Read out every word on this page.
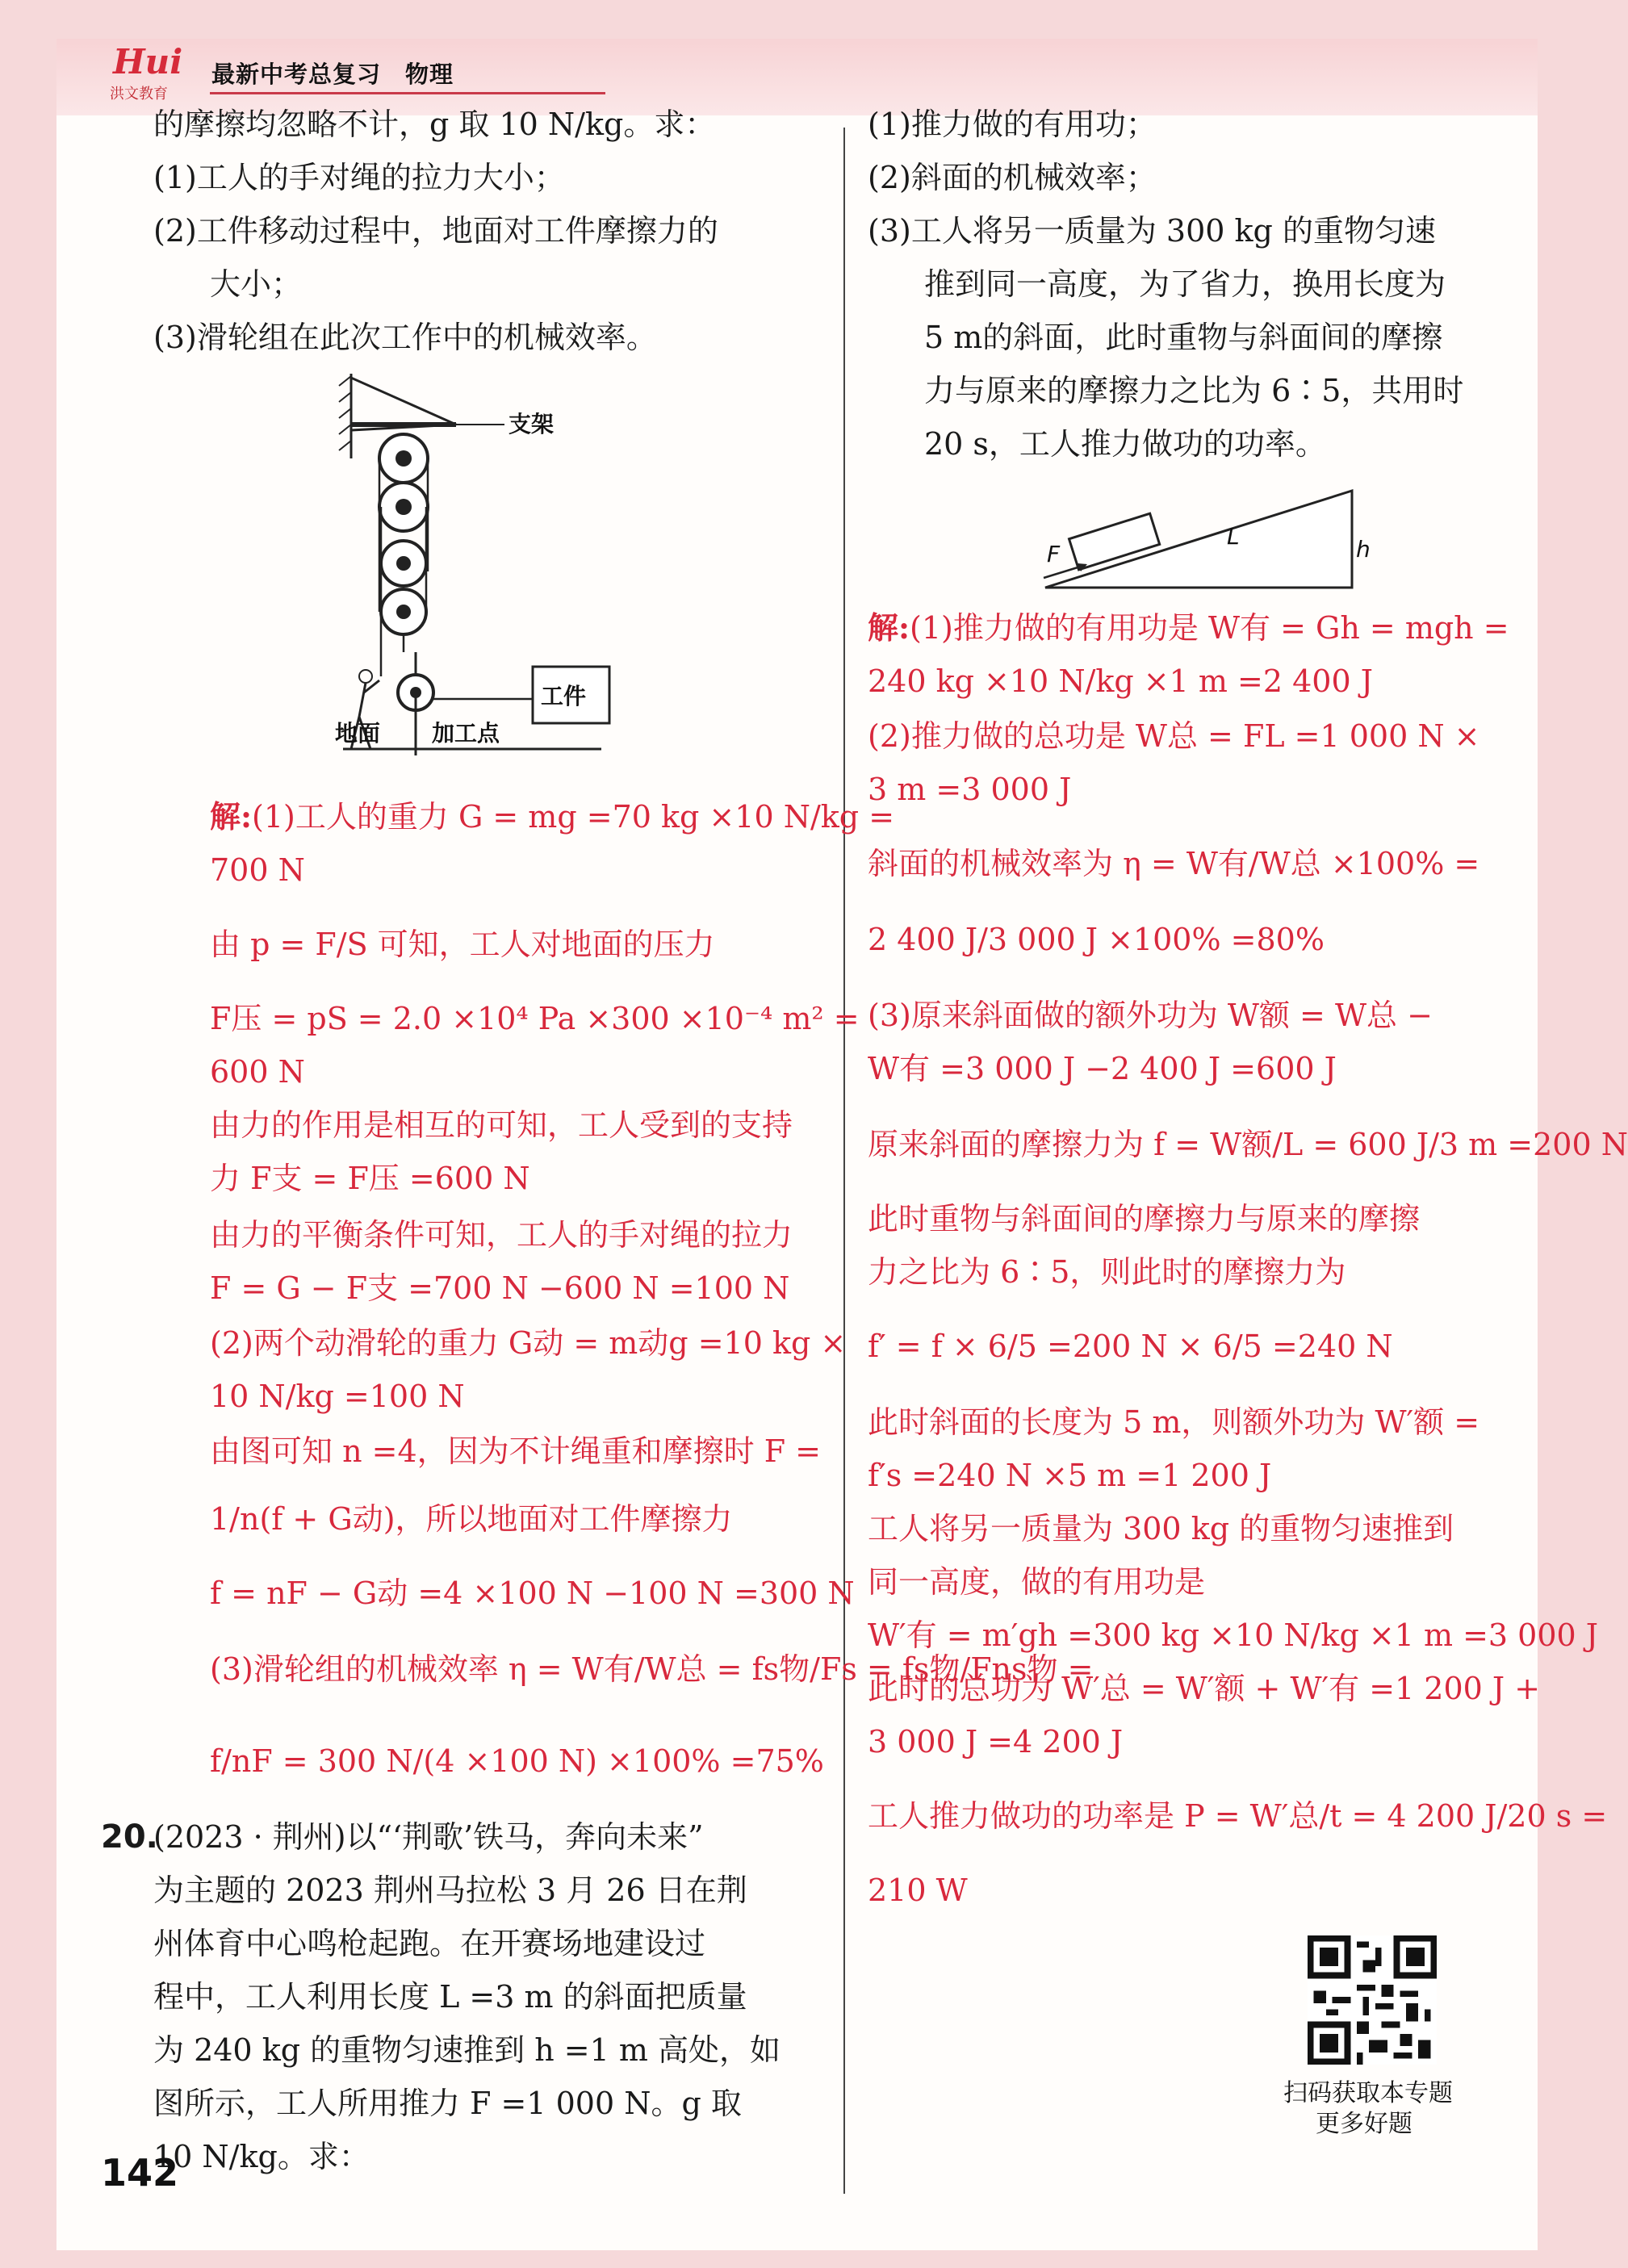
Hui
洪文教育
最新中考总复习　物理
的摩擦均忽略不计，g 取 10 N/kg。求：
(1)工人的手对绳的拉力大小；
(2)工件移动过程中，地面对工件摩擦力的
大小；
(3)滑轮组在此次工作中的机械效率。
支架
地面
工件
加工点
解:(1)工人的重力 G = mg =70 kg ×10 N/kg =
700 N
由 p = F/S 可知，工人对地面的压力
F压 = pS = 2.0 ×10⁴ Pa ×300 ×10⁻⁴ m² =
600 N
由力的作用是相互的可知，工人受到的支持
力 F支 = F压 =600 N
由力的平衡条件可知，工人的手对绳的拉力
F = G − F支 =700 N −600 N =100 N
(2)两个动滑轮的重力 G动 = m动g =10 kg ×
10 N/kg =100 N
由图可知 n =4，因为不计绳重和摩擦时 F =
1/n(f + G动)，所以地面对工件摩擦力
f = nF − G动 =4 ×100 N −100 N =300 N
(3)滑轮组的机械效率 η = W有/W总 = fs物/Fs = fs物/Fns物 =
f/nF = 300 N/(4 ×100 N) ×100% =75%
20.
(2023 · 荆州)以“‘荆歌’铁马，奔向未来”
为主题的 2023 荆州马拉松 3 月 26 日在荆
州体育中心鸣枪起跑。在开赛场地建设过
程中，工人利用长度 L =3 m 的斜面把质量
为 240 kg 的重物匀速推到 h =1 m 高处，如
图所示，工人所用推力 F =1 000 N。g 取
10 N/kg。求：
(1)推力做的有用功；
(2)斜面的机械效率；
(3)工人将另一质量为 300 kg 的重物匀速
推到同一高度，为了省力，换用长度为
5 m的斜面，此时重物与斜面间的摩擦
力与原来的摩擦力之比为 6∶5，共用时
20 s，工人推力做功的功率。
F
L	h
解:(1)推力做的有用功是 W有 = Gh = mgh =
240 kg ×10 N/kg ×1 m =2 400 J
(2)推力做的总功是 W总 = FL =1 000 N ×
3 m =3 000 J
斜面的机械效率为 η = W有/W总 ×100% =
2 400 J/3 000 J ×100% =80%
(3)原来斜面做的额外功为 W额 = W总 −
W有 =3 000 J −2 400 J =600 J
原来斜面的摩擦力为 f = W额/L = 600 J/3 m =200 N
此时重物与斜面间的摩擦力与原来的摩擦
力之比为 6∶5，则此时的摩擦力为
f′ = f × 6/5 =200 N × 6/5 =240 N
此时斜面的长度为 5 m，则额外功为 W′额 =
f′s =240 N ×5 m =1 200 J
工人将另一质量为 300 kg 的重物匀速推到
同一高度，做的有用功是
W′有 = m′gh =300 kg ×10 N/kg ×1 m =3 000 J
此时的总功为 W′总 = W′额 + W′有 =1 200 J +
3 000 J =4 200 J
工人推力做功的功率是 P = W′总/t = 4 200 J/20 s =
210 W
扫码获取本专题
更多好题
142
